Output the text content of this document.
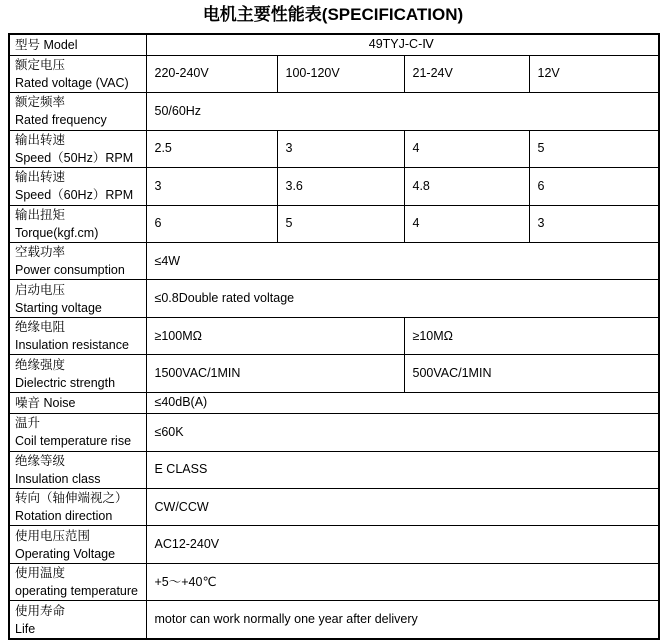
电机主要性能表(SPECIFICATION)
型号 Model	49TYJ-C-Ⅳ			

额定电压
Rated voltage (VAC)	220-240V	100-120V	21-24V	12V

额定频率
Rated frequency	50/60Hz			

输出转速
Speed（50Hz）RPM	2.5	3	4	5

输出转速
Speed（60Hz）RPM	3	3.6	4.8	6

输出扭矩
Torque(kgf.cm)	6	5	4	3

空载功率
Power consumption	≤4W			

启动电压
Starting voltage	≤0.8Double rated voltage			

绝缘电阻
Insulation resistance	≥100MΩ		≥10MΩ	

绝缘强度
Dielectric strength	1500VAC/1MIN		500VAC/1MIN	

噪音 Noise	≤40dB(A)			

温升
Coil temperature rise	≤60K			

绝缘等级
Insulation class	E CLASS			

转向（轴伸端视之）
Rotation direction	CW/CCW			

使用电压范围
Operating Voltage	AC12-240V			

使用温度
operating temperature	+5～+40℃			

使用寿命
Life	motor can work normally one year after delivery			
